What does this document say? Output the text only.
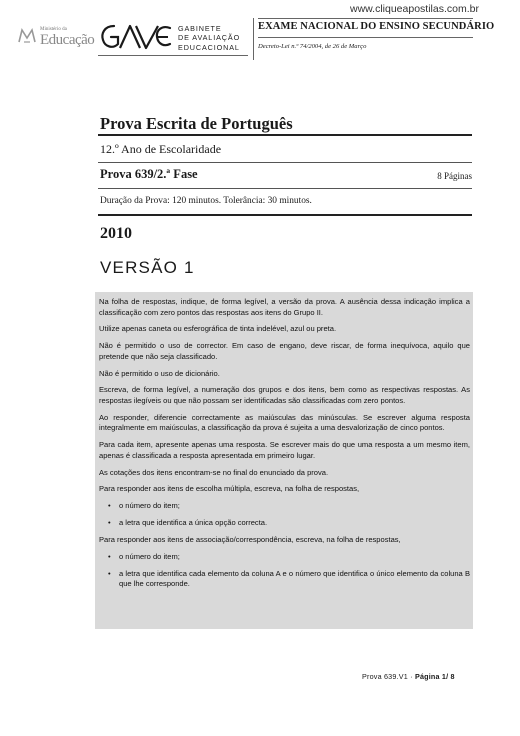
www.cliqueapostilas.com.br
Ministério da
Educação
GABINETE
DE AVALIAÇÃO
EDUCACIONAL
EXAME NACIONAL DO ENSINO SECUNDÁRIO
Decreto-Lei n.º 74/2004, de 26 de Março
Prova Escrita de Português
12.º Ano de Escolaridade
Prova 639/2.ª Fase	8 Páginas
Duração da Prova: 120 minutos. Tolerância: 30 minutos.
2010
VERSÃO 1

Na folha de respostas, indique, de forma legível, a versão da prova. A ausência dessa indicação implica a classificação com zero pontos das respostas aos itens do Grupo II.

Utilize apenas caneta ou esferográfica de tinta indelével, azul ou preta.

Não é permitido o uso de corrector. Em caso de engano, deve riscar, de forma inequívoca, aquilo que pretende que não seja classificado.

Não é permitido o uso de dicionário.

Escreva, de forma legível, a numeração dos grupos e dos itens, bem como as respectivas respostas. As respostas ilegíveis ou que não possam ser identificadas são classificadas com zero pontos.

Ao responder, diferencie correctamente as maiúsculas das minúsculas. Se escrever alguma resposta integralmente em maiúsculas, a classificação da prova é sujeita a uma desvalorização de cinco pontos.

Para cada item, apresente apenas uma resposta. Se escrever mais do que uma resposta a um mesmo item, apenas é classificada a resposta apresentada em primeiro lugar.

As cotações dos itens encontram-se no final do enunciado da prova.

Para responder aos itens de escolha múltipla, escreva, na folha de respostas,

• o número do item;
• a letra que identifica a única opção correcta.

Para responder aos itens de associação/correspondência, escreva, na folha de respostas,

• o número do item;
• a letra que identifica cada elemento da coluna A e o número que identifica o único elemento da coluna B que lhe corresponde.
Prova 639.V1 · Página 1/ 8
